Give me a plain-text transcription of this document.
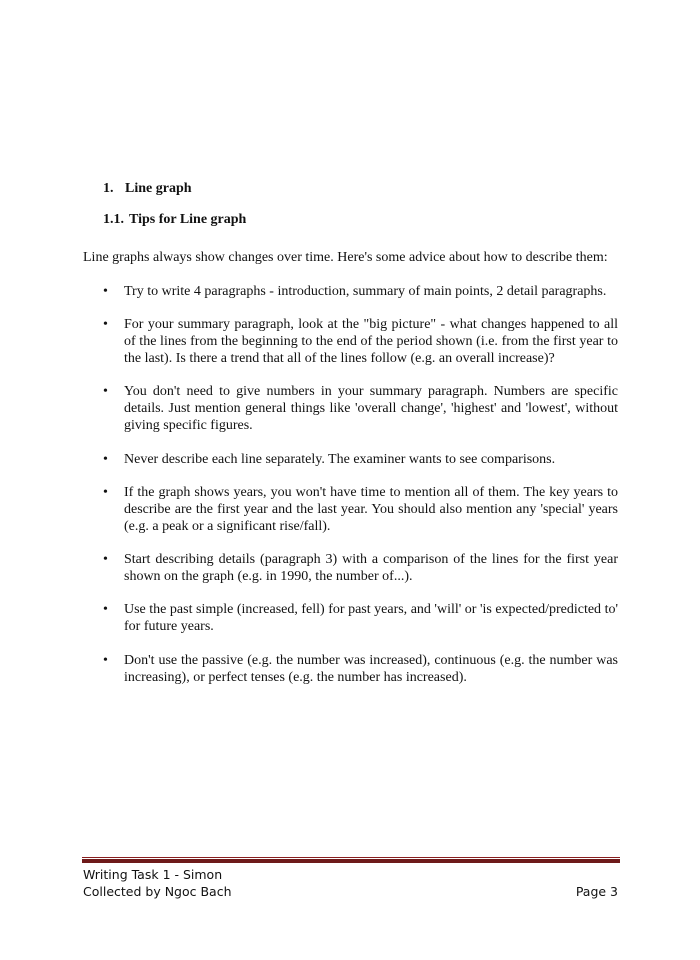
1. Line graph
1.1. Tips for Line graph
Line graphs always show changes over time. Here's some advice about how to describe them:
•	Try to write 4 paragraphs - introduction, summary of main points, 2 detail paragraphs.
•	For your summary paragraph, look at the "big picture" - what changes happened to all of the lines from the beginning to the end of the period shown (i.e. from the first year to the last). Is there a trend that all of the lines follow (e.g. an overall increase)?
•	You don't need to give numbers in your summary paragraph. Numbers are specific details. Just mention general things like 'overall change', 'highest' and 'lowest', without giving specific figures.
•	Never describe each line separately. The examiner wants to see comparisons.
•	If the graph shows years, you won't have time to mention all of them. The key years to describe are the first year and the last year. You should also mention any 'special' years (e.g. a peak or a significant rise/fall).
•	Start describing details (paragraph 3) with a comparison of the lines for the first year shown on the graph (e.g. in 1990, the number of...).
•	Use the past simple (increased, fell) for past years, and 'will' or 'is expected/predicted to' for future years.
•	Don't use the passive (e.g. the number was increased), continuous (e.g. the number was increasing), or perfect tenses (e.g. the number has increased).
Writing Task 1 - Simon
Collected by Ngoc Bach	Page 3
